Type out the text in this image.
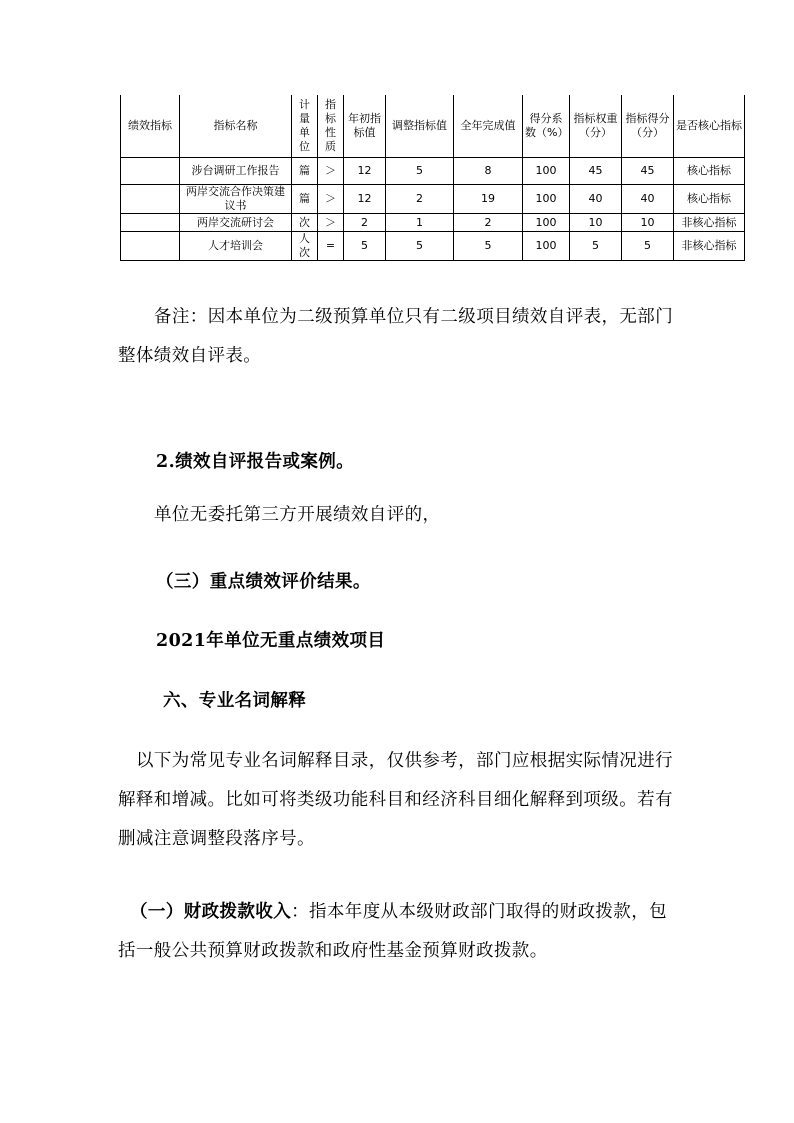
绩效指标	指标名称	计量单位	指标性质	年初指标值	调整指标值	全年完成值	得分系数（%）	指标权重（分）	指标得分（分）	是否核心指标
	涉台调研工作报告	篇	＞	12	5	8	100	45	45	核心指标
	两岸交流合作决策建议书	篇	＞	12	2	19	100	40	40	核心指标
	两岸交流研讨会	次	＞	2	1	2	100	10	10	非核心指标
	人才培训会	人次	=	5	5	5	100	5	5	非核心指标

备注：因本单位为二级预算单位只有二级项目绩效自评表，无部门整体绩效自评表。

2.绩效自评报告或案例。

单位无委托第三方开展绩效自评的，

（三）重点绩效评价结果。

2021年单位无重点绩效项目

六、专业名词解释

以下为常见专业名词解释目录，仅供参考，部门应根据实际情况进行解释和增减。比如可将类级功能科目和经济科目细化解释到项级。若有删减注意调整段落序号。

（一）财政拨款收入：指本年度从本级财政部门取得的财政拨款，包括一般公共预算财政拨款和政府性基金预算财政拨款。
